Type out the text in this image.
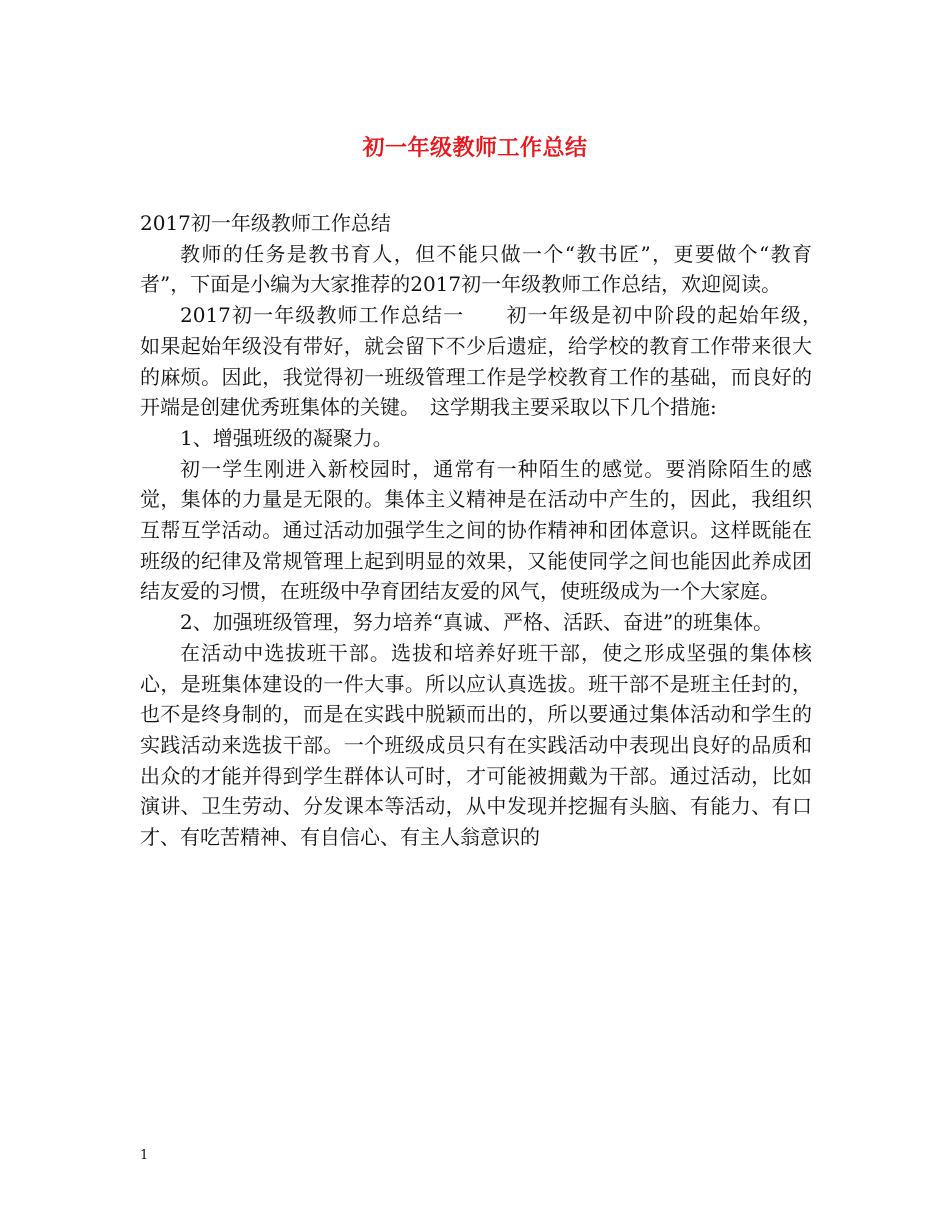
初一年级教师工作总结

2017初一年级教师工作总结

教师的任务是教书育人，但不能只做一个“教书匠”，更要做个“教育者”，下面是小编为大家推荐的2017初一年级教师工作总结，欢迎阅读。

2017初一年级教师工作总结一　　初一年级是初中阶段的起始年级，　如果起始年级没有带好，就会留下不少后遗症，给学校的教育工作带来很大的麻烦。因此，我觉得初一班级管理工作是学校教育工作的基础，而良好的开端是创建优秀班集体的关键。　这学期我主要采取以下几个措施:

1、增强班级的凝聚力。

初一学生刚进入新校园时，通常有一种陌生的感觉。要消除陌生的感觉，集体的力量是无限的。集体主义精神是在活动中产生的，因此，我组织互帮互学活动。通过活动加强学生之间的协作精神和团体意识。这样既能在班级的纪律及常规管理上起到明显的效果，又能使同学之间也能因此养成团结友爱的习惯，在班级中孕育团结友爱的风气，使班级成为一个大家庭。

2、加强班级管理，努力培养“真诚、严格、活跃、奋进”的班集体。

在活动中选拔班干部。选拔和培养好班干部，使之形成坚强的集体核心，是班集体建设的一件大事。所以应认真选拔。班干部不是班主任封的，也不是终身制的，而是在实践中脱颖而出的，所以要通过集体活动和学生的实践活动来选拔干部。一个班级成员只有在实践活动中表现出良好的品质和出众的才能并得到学生群体认可时，才可能被拥戴为干部。通过活动，比如演讲、卫生劳动、分发课本等活动，从中发现并挖掘有头脑、有能力、有口才、有吃苦精神、有自信心、有主人翁意识的

1
